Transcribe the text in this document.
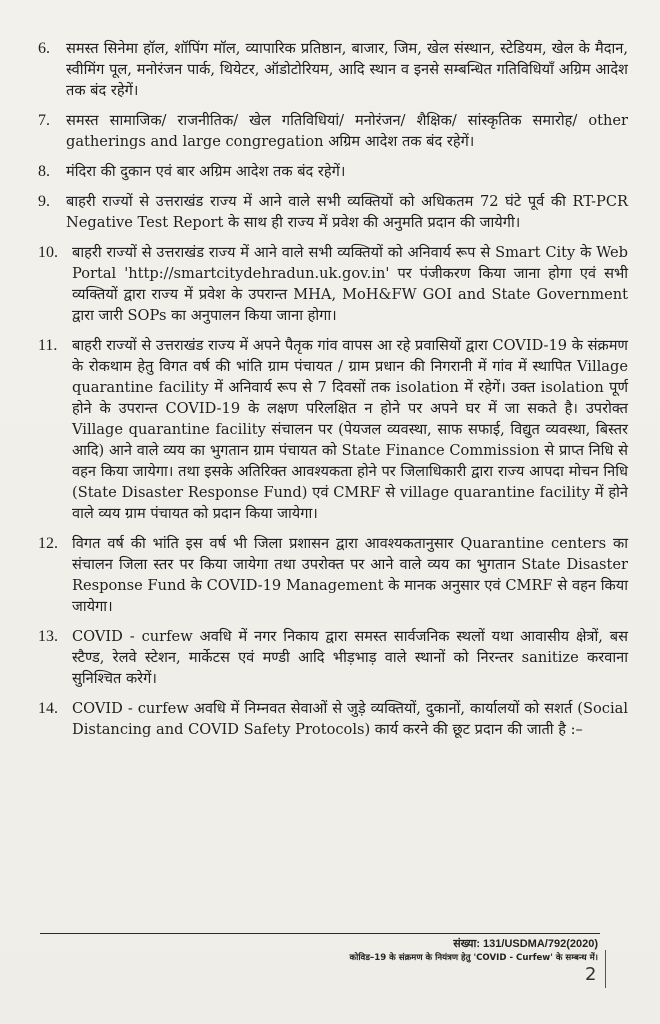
6. समस्त सिनेमा हॉल, शॉपिंग मॉल, व्यापारिक प्रतिष्ठान, बाजार, जिम, खेल संस्थान, स्टेडियम, खेल के मैदान, स्वीमिंग पूल, मनोरंजन पार्क, थियेटर, ऑडोटोरियम, आदि स्थान व इनसे सम्बन्धित गतिविधियाँ अग्रिम आदेश तक बंद रहेगें।
7. समस्त सामाजिक/ राजनीतिक/ खेल गतिविधियां/ मनोरंजन/ शैक्षिक/ सांस्कृतिक समारोह/ other gatherings and large congregation अग्रिम आदेश तक बंद रहेगें।
8. मंदिरा की दुकान एवं बार अग्रिम आदेश तक बंद रहेगें।
9. बाहरी राज्यों से उत्तराखंड राज्य में आने वाले सभी व्यक्तियों को अधिकतम 72 घंटे पूर्व की RT-PCR Negative Test Report के साथ ही राज्य में प्रवेश की अनुमति प्रदान की जायेगी।
10. बाहरी राज्यों से उत्तराखंड राज्य में आने वाले सभी व्यक्तियों को अनिवार्य रूप से Smart City के Web Portal 'http://smartcitydehradun.uk.gov.in' पर पंजीकरण किया जाना होगा एवं सभी व्यक्तियों द्वारा राज्य में प्रवेश के उपरान्त MHA, MoH&FW GOI and State Government द्वारा जारी SOPs का अनुपालन किया जाना होगा।
11. बाहरी राज्यों से उत्तराखंड राज्य में अपने पैतृक गांव वापस आ रहे प्रवासियों द्वारा COVID-19 के संक्रमण के रोकथाम हेतु विगत वर्ष की भांति ग्राम पंचायत / ग्राम प्रधान की निगरानी में गांव में स्थापित Village quarantine facility में अनिवार्य रूप से 7 दिवसों तक isolation में रहेगें। उक्त isolation पूर्ण होने के उपरान्त COVID-19 के लक्षण परिलक्षित न होने पर अपने घर में जा सकते है। उपरोक्त Village quarantine facility संचालन पर (पेयजल व्यवस्था, साफ सफाई, विद्युत व्यवस्था, बिस्तर आदि) आने वाले व्यय का भुगतान ग्राम पंचायत को State Finance Commission से प्राप्त निधि से वहन किया जायेगा। तथा इसके अतिरिक्त आवश्यकता होने पर जिलाधिकारी द्वारा राज्य आपदा मोचन निधि (State Disaster Response Fund) एवं CMRF से village quarantine facility में होने वाले व्यय ग्राम पंचायत को प्रदान किया जायेगा।
12. विगत वर्ष की भांति इस वर्ष भी जिला प्रशासन द्वारा आवश्यकतानुसार Quarantine centers का संचालन जिला स्तर पर किया जायेगा तथा उपरोक्त पर आने वाले व्यय का भुगतान State Disaster Response Fund के COVID-19 Management के मानक अनुसार एवं CMRF से वहन किया जायेगा।
13. COVID - curfew अवधि में नगर निकाय द्वारा समस्त सार्वजनिक स्थलों यथा आवासीय क्षेत्रों, बस स्टैण्ड, रेलवे स्टेशन, मार्केटस एवं मण्डी आदि भीड़भाड़ वाले स्थानों को निरन्तर sanitize करवाना सुनिश्चित करेगें।
14. COVID - curfew अवधि में निम्नवत सेवाओं से जुड़े व्यक्तियों, दुकानों, कार्यालयों को सशर्त (Social Distancing and COVID Safety Protocols) कार्य करने की छूट प्रदान की जाती है :–
संख्या: 131/USDMA/792(2020)
कोविड–19 के संक्रमण के नियंत्रण हेतु 'COVID - Curfew' के सम्बन्ध में।
2
